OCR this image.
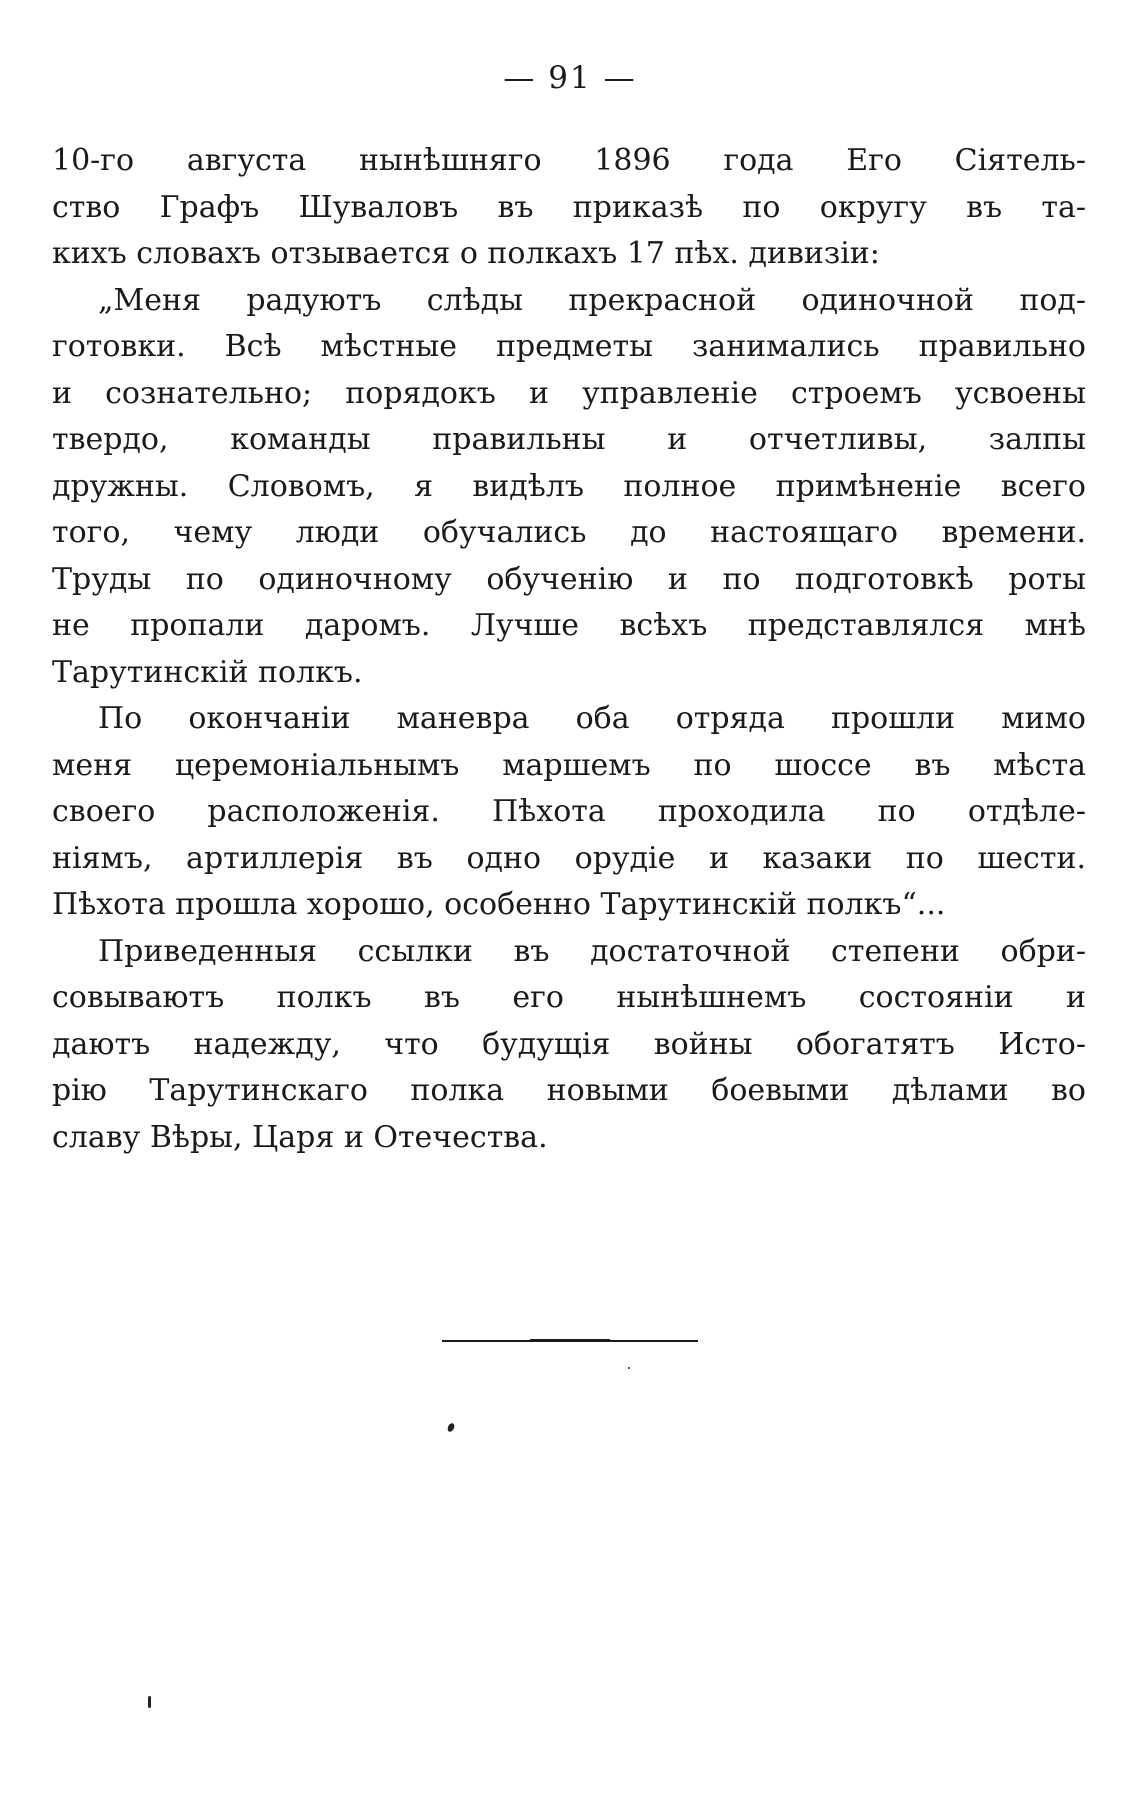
— 91 —
10-го августа нынѣшняго 1896 года Его Сіятель-
ство Графъ Шуваловъ въ приказѣ по округу въ та-
кихъ словахъ отзывается о полкахъ 17 пѣх. дивизіи:
„Меня радуютъ слѣды прекрасной одиночной под-
готовки. Всѣ мѣстные предметы занимались правильно
и сознательно; порядокъ и управленіе строемъ усвоены
твердо, команды правильны и отчетливы, залпы
дружны. Словомъ, я видѣлъ полное примѣненіе всего
того, чему люди обучались до настоящаго времени.
Труды по одиночному обученію и по подготовкѣ роты
не пропали даромъ. Лучше всѣхъ представлялся мнѣ
Тарутинскій полкъ.
По окончаніи маневра оба отряда прошли мимо
меня церемоніальнымъ маршемъ по шоссе въ мѣста
своего расположенія. Пѣхота проходила по отдѣле-
ніямъ, артиллерія въ одно орудіе и казаки по шести.
Пѣхота прошла хорошо, особенно Тарутинскій полкъ“...
Приведенныя ссылки въ достаточной степени обри-
совываютъ полкъ въ его нынѣшнемъ состояніи и
даютъ надежду, что будущія войны обогатятъ Исто-
рію Тарутинскаго полка новыми боевыми дѣлами во
славу Вѣры, Царя и Отечества.
